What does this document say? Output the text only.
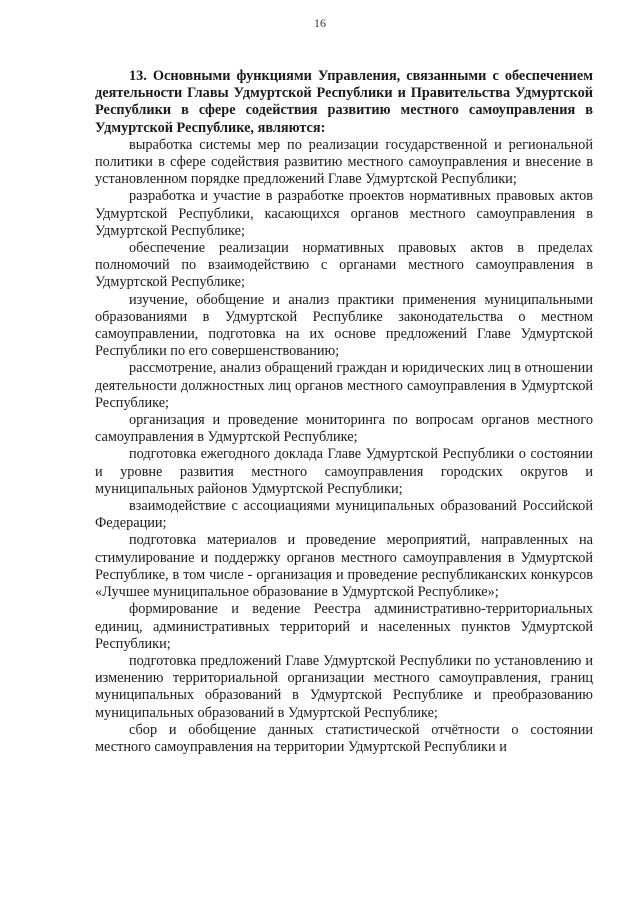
16

13. Основными функциями Управления, связанными с обеспечением деятельности Главы Удмуртской Республики и Правительства Удмуртской Республики в сфере содействия развитию местного самоуправления в Удмуртской Республике, являются:

выработка системы мер по реализации государственной и региональной политики в сфере содействия развитию местного самоуправления и внесение в установленном порядке предложений Главе Удмуртской Республики;

разработка и участие в разработке проектов нормативных правовых актов Удмуртской Республики, касающихся органов местного самоуправления в Удмуртской Республике;

обеспечение реализации нормативных правовых актов в пределах полномочий по взаимодействию с органами местного самоуправления в Удмуртской Республике;

изучение, обобщение и анализ практики применения муниципальными образованиями в Удмуртской Республике законодательства о местном самоуправлении, подготовка на их основе предложений Главе Удмуртской Республики по его совершенствованию;

рассмотрение, анализ обращений граждан и юридических лиц в отношении деятельности должностных лиц органов местного самоуправления в Удмуртской Республике;

организация и проведение мониторинга по вопросам органов местного самоуправления в Удмуртской Республике;

подготовка ежегодного доклада Главе Удмуртской Республики о состоянии и уровне развития местного самоуправления городских округов и муниципальных районов Удмуртской Республики;

взаимодействие с ассоциациями муниципальных образований Российской Федерации;

подготовка материалов и проведение мероприятий, направленных на стимулирование и поддержку органов местного самоуправления в Удмуртской Республике, в том числе - организация и проведение республиканских конкурсов «Лучшее муниципальное образование в Удмуртской Республике»;

формирование и ведение Реестра административно-территориальных единиц, административных территорий и населенных пунктов Удмуртской Республики;

подготовка предложений Главе Удмуртской Республики по установлению и изменению территориальной организации местного самоуправления, границ муниципальных образований в Удмуртской Республике и преобразованию муниципальных образований в Удмуртской Республике;

сбор и обобщение данных статистической отчётности о состоянии местного самоуправления на территории Удмуртской Республики и
